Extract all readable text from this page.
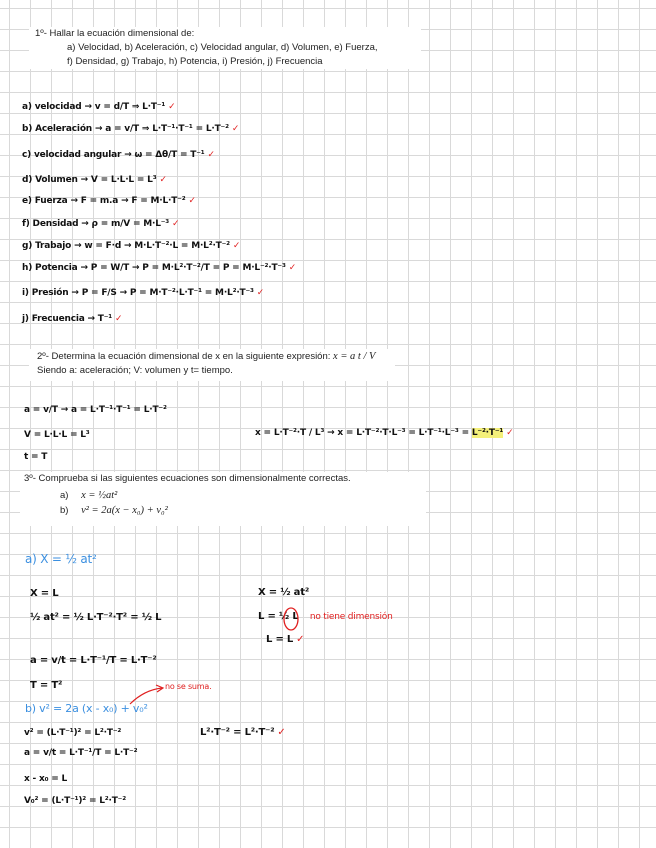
1º- Hallar la ecuación dimensional de:
a) Velocidad, b) Aceleración, c) Velocidad angular, d) Volumen, e) Fuerza,
f) Densidad, g) Trabajo, h) Potencia, i) Presión, j) Frecuencia
a) velocidad → v = d/T ⇒ L·T⁻¹ ✓
b) Aceleración → a = v/T ⇒ L·T⁻¹·T⁻¹ = L·T⁻² ✓
c) velocidad angular → ω = Δθ/T = T⁻¹ ✓
d) Volumen → V = L·L·L = L³ ✓
e) Fuerza → F = m.a → F = M·L·T⁻² ✓
f) Densidad → ρ = m/V = M·L⁻³ ✓
g) Trabajo → w = F·d → M·L·T⁻²·L = M·L²·T⁻² ✓
h) Potencia → P = W/T → P = M·L²·T⁻²/T = P = M·L⁻²·T⁻³ ✓
i) Presión → P = F/S → P = M·T⁻²·L·T⁻¹ = M·L²·T⁻³ ✓
j) Frecuencia → T⁻¹ ✓
2º- Determina la ecuación dimensional de x en la siguiente expresión: x = a t / V
Siendo a: aceleración; V: volumen y t= tiempo.
a = v/T → a = L·T⁻¹·T⁻¹ = L·T⁻²
V = L·L·L = L³
t = T
x = L·T⁻²·T / L³ → x = L·T⁻²·T·L⁻³ = L·T⁻¹·L⁻³ = L⁻²·T⁻¹ ✓
3º- Comprueba si las siguientes ecuaciones son dimensionalmente correctas.
a) x = ½at²
b) v² = 2a(x − x₀) + v₀²
a) X = ½ at²
X = L
½ at² = ½ L·T⁻²·T² = ½ L
a = v/t = L·T⁻¹/T = L·T⁻²
T = T²
X = ½ at²
L = ½ L no tiene dimensión
L = L ✓
no se suma.
b) v² = 2a (x - x₀) + v₀²
v² = (L·T⁻¹)² = L²·T⁻²
a = v/t = L·T⁻¹/T = L·T⁻²
x - x₀ = L
V₀² = (L·T⁻¹)² = L²·T⁻²
L²·T⁻² = L²·T⁻² ✓
